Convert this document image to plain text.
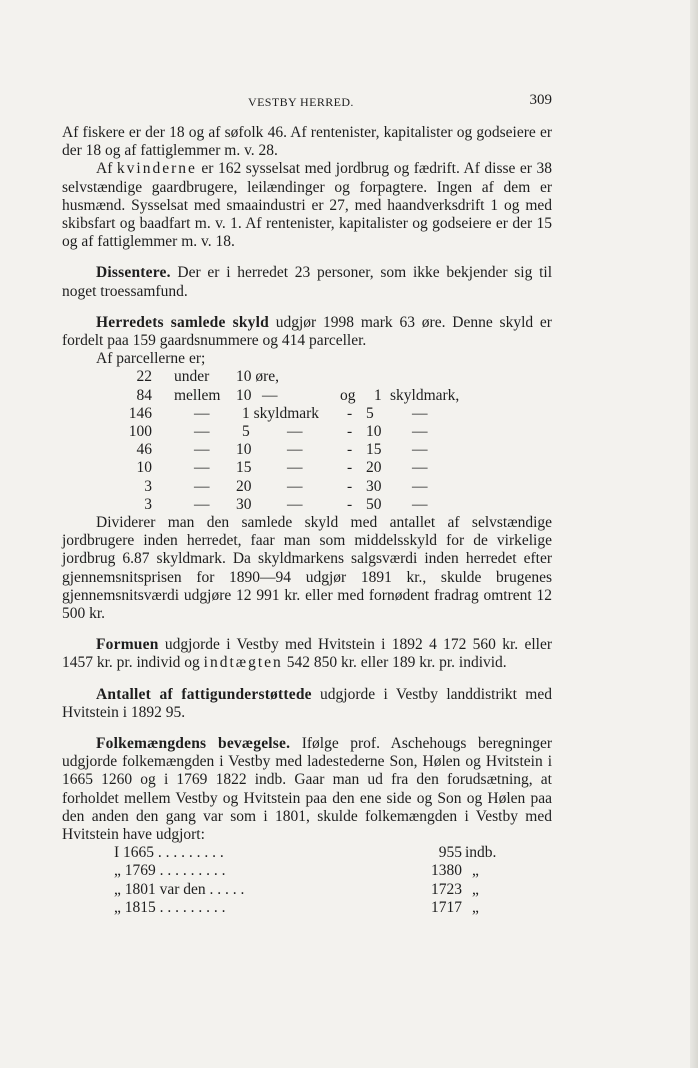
VESTBY HERRED.	309

Af fiskere er der 18 og af søfolk 46. Af rentenister, kapitalister og godseiere er der 18 og af fattiglemmer m. v. 28.

Af kvinderne er 162 sysselsat med jordbrug og fædrift. Af disse er 38 selvstændige gaardbrugere, leilændinger og forpagtere. Ingen af dem er husmænd. Sysselsat med smaaindustri er 27, med haandverksdrift 1 og med skibsfart og baadfart m. v. 1. Af rentenister, kapitalister og godseiere er der 15 og af fattiglemmer m. v. 18.

Dissentere. Der er i herredet 23 personer, som ikke bekjender sig til noget troessamfund.

Herredets samlede skyld udgjør 1998 mark 63 øre. Denne skyld er fordelt paa 159 gaardsnummere og 414 parceller.

Af parcellerne er;

22 under 10 øre,
84 mellem 10 —	og 1 skyldmark,
146	— 1 skyldmark - 5 —
100	— 5 —	- 10 —
46	— 10 —	- 15 —
10	— 15 —	- 20 —
3	— 20 —	- 30 —
3	— 30 —	- 50 —

Dividerer man den samlede skyld med antallet af selvstændige jordbrugere inden herredet, faar man som middelsskyld for de virkelige jordbrug 6.87 skyldmark. Da skyldmarkens salgsværdi inden herredet efter gjennemsnitsprisen for 1890—94 udgjør 1891 kr., skulde brugenes gjennemsnitsværdi udgjøre 12 991 kr. eller med fornødent fradrag omtrent 12 500 kr.

Formuen udgjorde i Vestby med Hvitstein i 1892 4 172 560 kr. eller 1457 kr. pr. individ og indtægten 542 850 kr. eller 189 kr. pr. individ.

Antallet af fattigunderstøttede udgjorde i Vestby landdistrikt med Hvitstein i 1892 95.

Folkemængdens bevægelse. Ifølge prof. Aschehougs beregninger udgjorde folkemængden i Vestby med ladestederne Son, Hølen og Hvitstein i 1665 1260 og i 1769 1822 indb. Gaar man ud fra den forudsætning, at forholdet mellem Vestby og Hvitstein paa den ene side og Son og Hølen paa den anden den gang var som i 1801, skulde folkemængden i Vestby med Hvitstein have udgjort:

I 1665 . . . . . . . . .	955 indb.
„ 1769 . . . . . . . . .	1380 „
„ 1801 var den . . . . .	1723 „
„ 1815 . . . . . . . . .	1717 „
